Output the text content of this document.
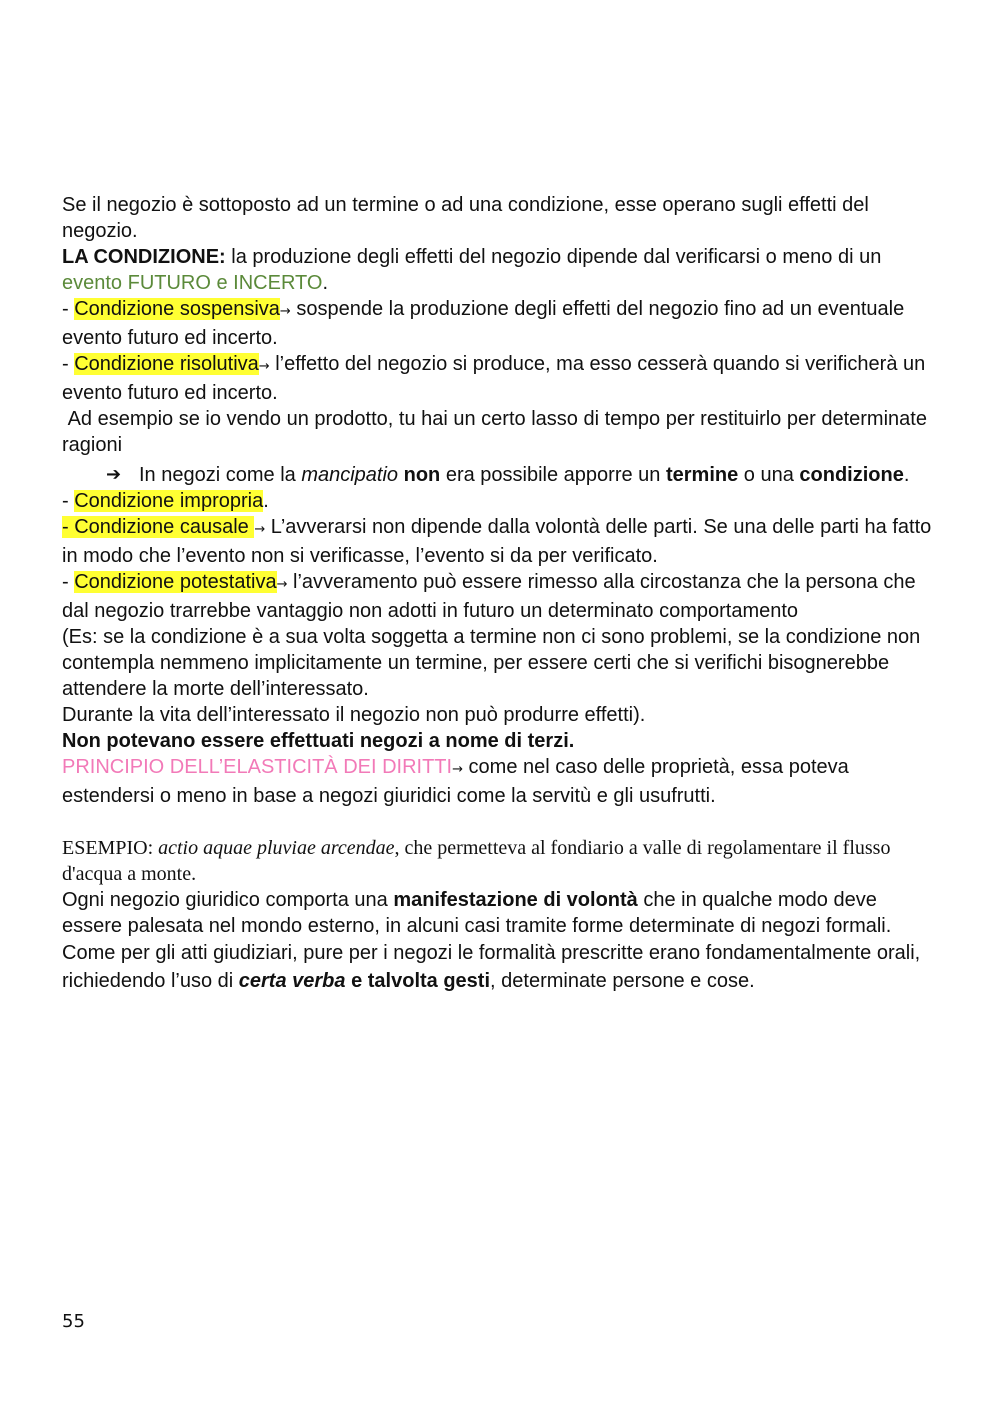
Se il negozio è sottoposto ad un termine o ad una condizione, esse operano sugli effetti del negozio.

LA CONDIZIONE: la produzione degli effetti del negozio dipende dal verificarsi o meno di un evento FUTURO e INCERTO.

- Condizione sospensiva→ sospende la produzione degli effetti del negozio fino ad un eventuale evento futuro ed incerto.

- Condizione risolutiva→ l’effetto del negozio si produce, ma esso cesserà quando si verificherà un evento futuro ed incerto.

Ad esempio se io vendo un prodotto, tu hai un certo lasso di tempo per restituirlo per determinate ragioni

➔ In negozi come la mancipatio non era possibile apporre un termine o una condizione.

- Condizione impropria.

- Condizione causale → L’avverarsi non dipende dalla volontà delle parti. Se una delle parti ha fatto in modo che l’evento non si verificasse, l’evento si da per verificato.

- Condizione potestativa→ l’avveramento può essere rimesso alla circostanza che la persona che dal negozio trarrebbe vantaggio non adotti in futuro un determinato comportamento

(Es: se la condizione è a sua volta soggetta a termine non ci sono problemi, se la condizione non contempla nemmeno implicitamente un termine, per essere certi che si verifichi bisognerebbe attendere la morte dell’interessato.

Durante la vita dell’interessato il negozio non può produrre effetti).

Non potevano essere effettuati negozi a nome di terzi.

PRINCIPIO DELL’ELASTICITÀ DEI DIRITTI→ come nel caso delle proprietà, essa poteva estendersi o meno in base a negozi giuridici come la servitù e gli usufrutti.

ESEMPIO: actio aquae pluviae arcendae, che permetteva al fondiario a valle di regolamentare il flusso d'acqua a monte.

Ogni negozio giuridico comporta una manifestazione di volontà che in qualche modo deve essere palesata nel mondo esterno, in alcuni casi tramite forme determinate di negozi formali.

Come per gli atti giudiziari, pure per i negozi le formalità prescritte erano fondamentalmente orali, richiedendo l’uso di certa verba e talvolta gesti, determinate persone e cose.

55
